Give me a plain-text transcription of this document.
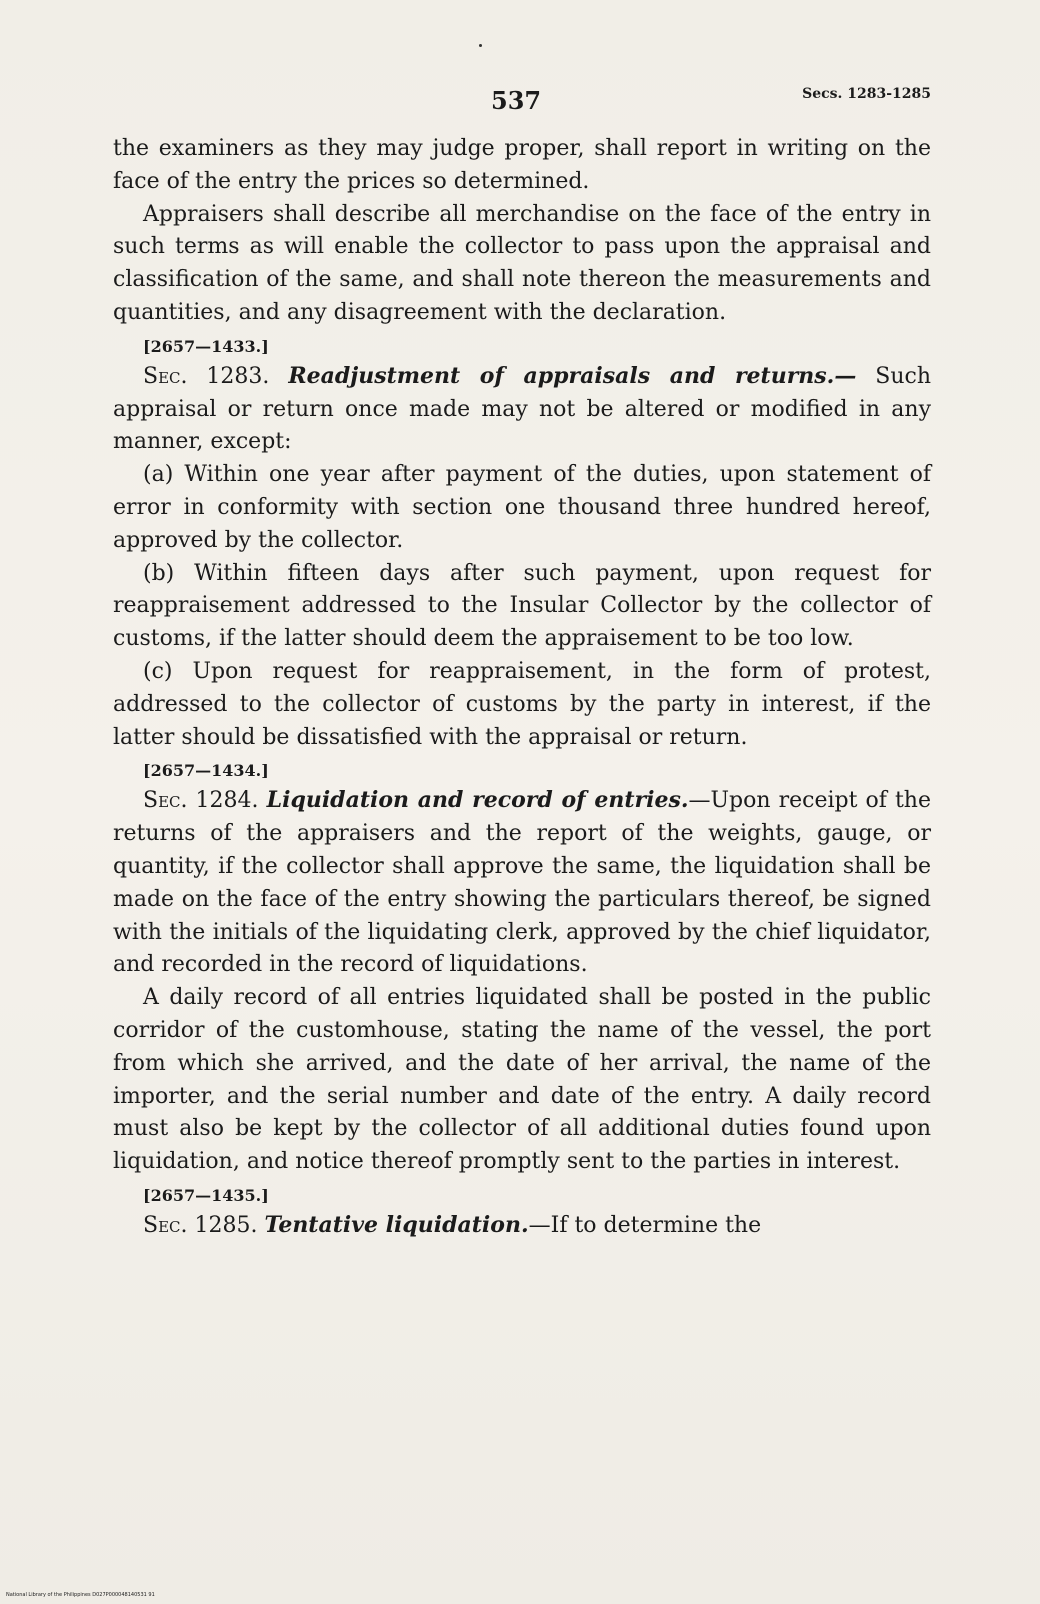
537	Secs. 1283-1285

the examiners as they may judge proper, shall report in writing on the face of the entry the prices so determined.

Appraisers shall describe all merchandise on the face of the entry in such terms as will enable the collector to pass upon the appraisal and classification of the same, and shall note thereon the measurements and quantities, and any disagreement with the declaration.

[2657—1433.]

Sec. 1283. Readjustment of appraisals and returns.— Such appraisal or return once made may not be altered or modified in any manner, except:

(a) Within one year after payment of the duties, upon statement of error in conformity with section one thousand three hundred hereof, approved by the collector.

(b) Within fifteen days after such payment, upon request for reappraisement addressed to the Insular Collector by the collector of customs, if the latter should deem the appraisement to be too low.

(c) Upon request for reappraisement, in the form of protest, addressed to the collector of customs by the party in interest, if the latter should be dissatisfied with the appraisal or return.

[2657—1434.]

Sec. 1284. Liquidation and record of entries.—Upon receipt of the returns of the appraisers and the report of the weights, gauge, or quantity, if the collector shall approve the same, the liquidation shall be made on the face of the entry showing the particulars thereof, be signed with the initials of the liquidating clerk, approved by the chief liquidator, and recorded in the record of liquidations.

A daily record of all entries liquidated shall be posted in the public corridor of the customhouse, stating the name of the vessel, the port from which she arrived, and the date of her arrival, the name of the importer, and the serial number and date of the entry. A daily record must also be kept by the collector of all additional duties found upon liquidation, and notice thereof promptly sent to the parties in interest.

[2657—1435.]

Sec. 1285. Tentative liquidation.—If to determine the

National Library of the Philippines D027P000048140531 91
